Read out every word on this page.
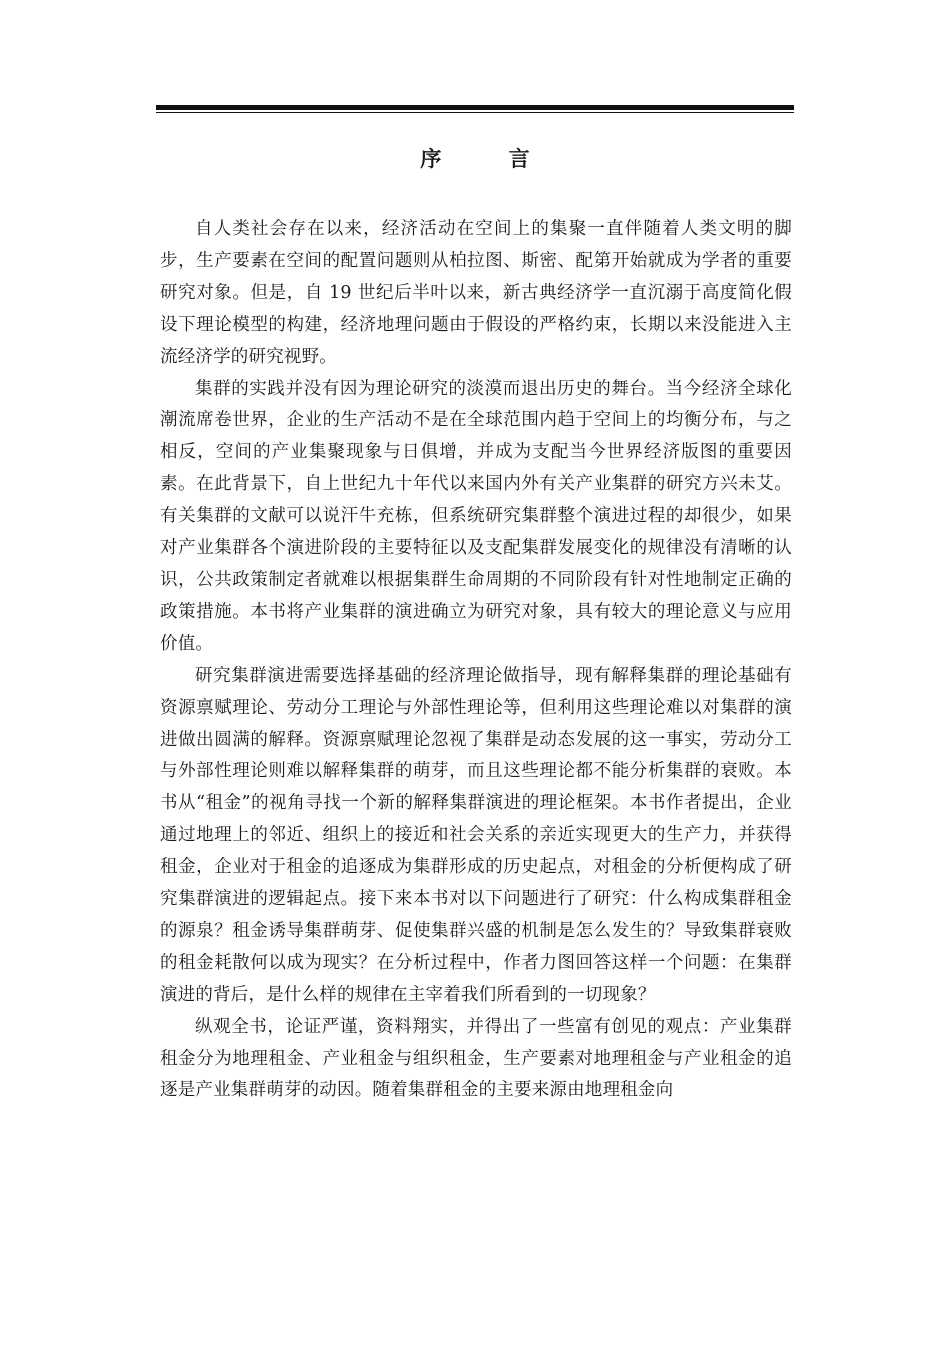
序 言

自人类社会存在以来，经济活动在空间上的集聚一直伴随着人类文明的脚步，生产要素在空间的配置问题则从柏拉图、斯密、配第开始就成为学者的重要研究对象。但是，自 19 世纪后半叶以来，新古典经济学一直沉溺于高度简化假设下理论模型的构建，经济地理问题由于假设的严格约束，长期以来没能进入主流经济学的研究视野。

集群的实践并没有因为理论研究的淡漠而退出历史的舞台。当今经济全球化潮流席卷世界，企业的生产活动不是在全球范围内趋于空间上的均衡分布，与之相反，空间的产业集聚现象与日俱增，并成为支配当今世界经济版图的重要因素。在此背景下，自上世纪九十年代以来国内外有关产业集群的研究方兴未艾。有关集群的文献可以说汗牛充栋，但系统研究集群整个演进过程的却很少，如果对产业集群各个演进阶段的主要特征以及支配集群发展变化的规律没有清晰的认识，公共政策制定者就难以根据集群生命周期的不同阶段有针对性地制定正确的政策措施。本书将产业集群的演进确立为研究对象，具有较大的理论意义与应用价值。

研究集群演进需要选择基础的经济理论做指导，现有解释集群的理论基础有资源禀赋理论、劳动分工理论与外部性理论等，但利用这些理论难以对集群的演进做出圆满的解释。资源禀赋理论忽视了集群是动态发展的这一事实，劳动分工与外部性理论则难以解释集群的萌芽，而且这些理论都不能分析集群的衰败。本书从“租金”的视角寻找一个新的解释集群演进的理论框架。本书作者提出，企业通过地理上的邻近、组织上的接近和社会关系的亲近实现更大的生产力，并获得租金，企业对于租金的追逐成为集群形成的历史起点，对租金的分析便构成了研究集群演进的逻辑起点。接下来本书对以下问题进行了研究：什么构成集群租金的源泉？租金诱导集群萌芽、促使集群兴盛的机制是怎么发生的？导致集群衰败的租金耗散何以成为现实？在分析过程中，作者力图回答这样一个问题：在集群演进的背后，是什么样的规律在主宰着我们所看到的一切现象？

纵观全书，论证严谨，资料翔实，并得出了一些富有创见的观点：产业集群租金分为地理租金、产业租金与组织租金，生产要素对地理租金与产业租金的追逐是产业集群萌芽的动因。随着集群租金的主要来源由地理租金向
